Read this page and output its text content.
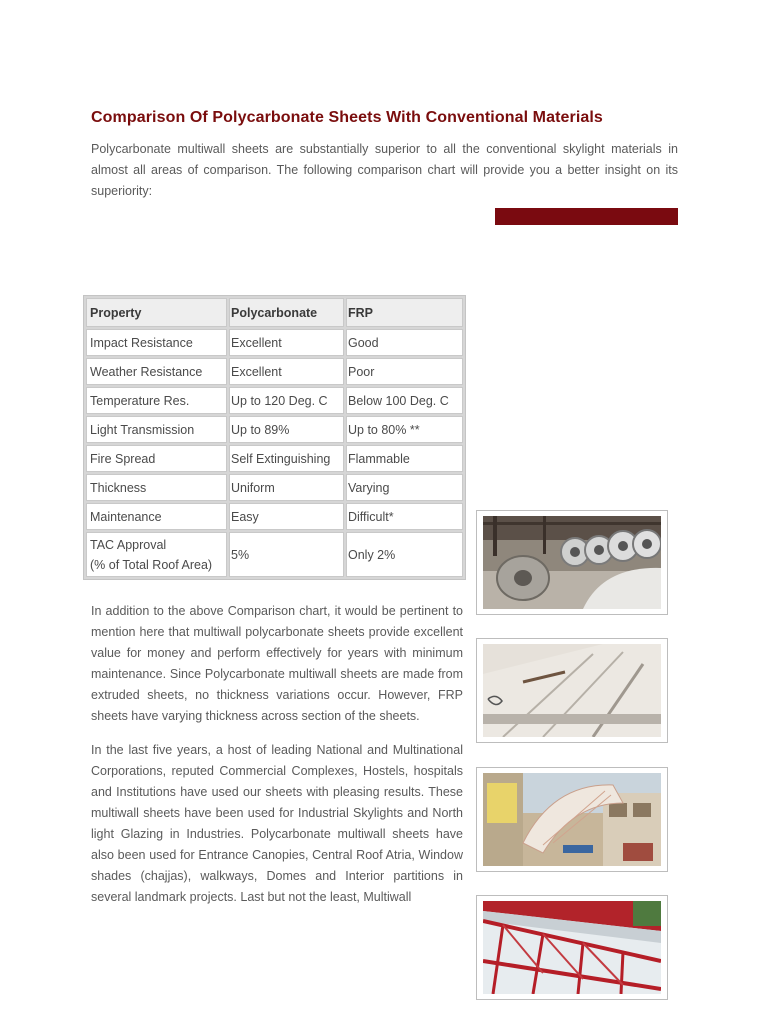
Comparison Of Polycarbonate Sheets With Conventional Materials
Polycarbonate multiwall sheets are substantially superior to all the conventional skylight materials in almost all areas of comparison. The following comparison chart will provide you a better insight on its superiority:
Property	Polycarbonate	FRP
Impact Resistance	Excellent	Good
Weather Resistance	Excellent	Poor
Temperature Res.	Up to 120 Deg. C	Below 100 Deg. C
Light Transmission	Up to 89%	Up to 80% **
Fire Spread	Self Extinguishing	Flammable
Thickness	Uniform	Varying
Maintenance	Easy	Difficult*
TAC Approval
(% of Total Roof Area)	5%	Only 2%
In addition to the above Comparison chart, it would be pertinent to mention here that multiwall polycarbonate sheets provide excellent value for money and perform effectively for years with minimum maintenance. Since Polycarbonate multiwall sheets are made from extruded sheets, no thickness variations occur. However, FRP sheets have varying thickness across section of the sheets.
In the last five years, a host of leading National and Multinational Corporations, reputed Commercial Complexes, Hostels, hospitals and Institutions have used our sheets with pleasing results. These multiwall sheets have been used for Industrial Skylights and North light Glazing in Industries. Polycarbonate multiwall sheets have also been used for Entrance Canopies, Central Roof Atria, Window shades (chajjas), walkways, Domes and Interior partitions in several landmark projects. Last but not the least, Multiwall
